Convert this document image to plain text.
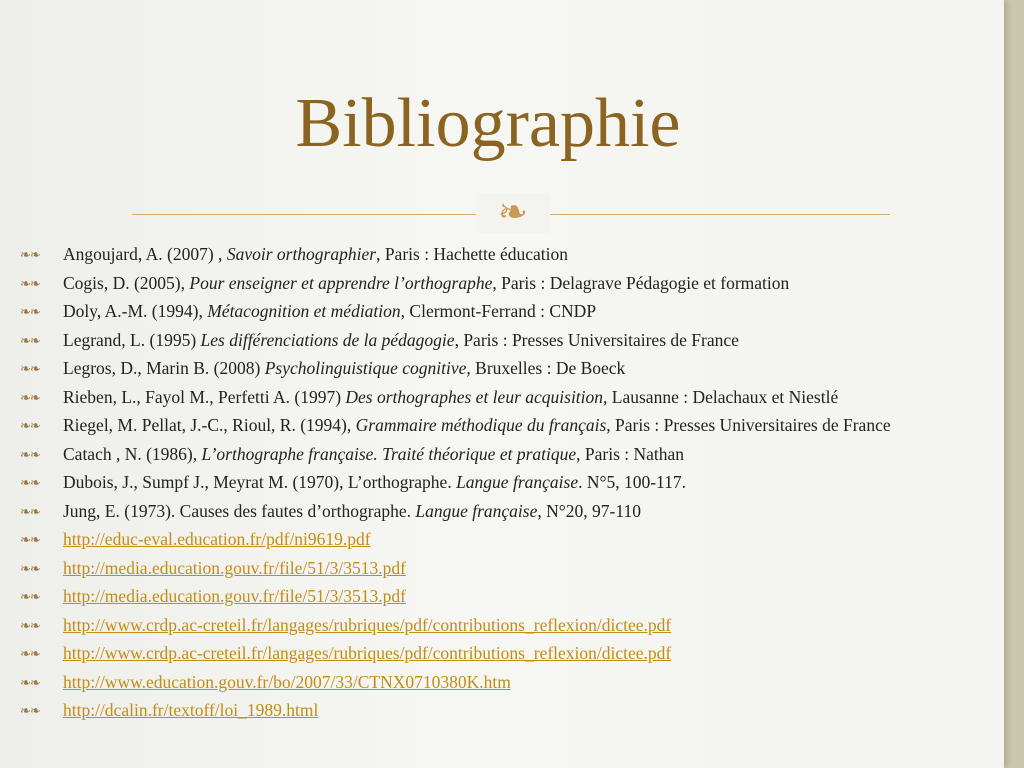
Bibliographie
❧
❧❧ Angoujard, A. (2007) , Savoir orthographier, Paris : Hachette éducation
❧❧ Cogis, D. (2005), Pour enseigner et apprendre l’orthographe, Paris : Delagrave Pédagogie et formation
❧❧ Doly, A.-M. (1994), Métacognition et médiation, Clermont-Ferrand : CNDP
❧❧ Legrand, L. (1995) Les différenciations de la pédagogie, Paris : Presses Universitaires de France
❧❧ Legros, D., Marin B. (2008) Psycholinguistique cognitive, Bruxelles : De Boeck
❧❧ Rieben, L., Fayol M., Perfetti A. (1997) Des orthographes et leur acquisition, Lausanne : Delachaux et Niestlé
❧❧ Riegel, M. Pellat, J.-C., Rioul, R. (1994), Grammaire méthodique du français, Paris : Presses Universitaires de France
❧❧ Catach , N. (1986), L’orthographe française. Traité théorique et pratique, Paris : Nathan
❧❧ Dubois, J., Sumpf J., Meyrat M. (1970), L’orthographe. Langue française. N°5, 100-117.
❧❧ Jung, E. (1973). Causes des fautes d’orthographe. Langue française, N°20, 97-110
❧❧ http://educ-eval.education.fr/pdf/ni9619.pdf
❧❧ http://media.education.gouv.fr/file/51/3/3513.pdf
❧❧ http://media.education.gouv.fr/file/51/3/3513.pdf
❧❧ http://www.crdp.ac-creteil.fr/langages/rubriques/pdf/contributions_reflexion/dictee.pdf
❧❧ http://www.crdp.ac-creteil.fr/langages/rubriques/pdf/contributions_reflexion/dictee.pdf
❧❧ http://www.education.gouv.fr/bo/2007/33/CTNX0710380K.htm
❧❧ http://dcalin.fr/textoff/loi_1989.html
